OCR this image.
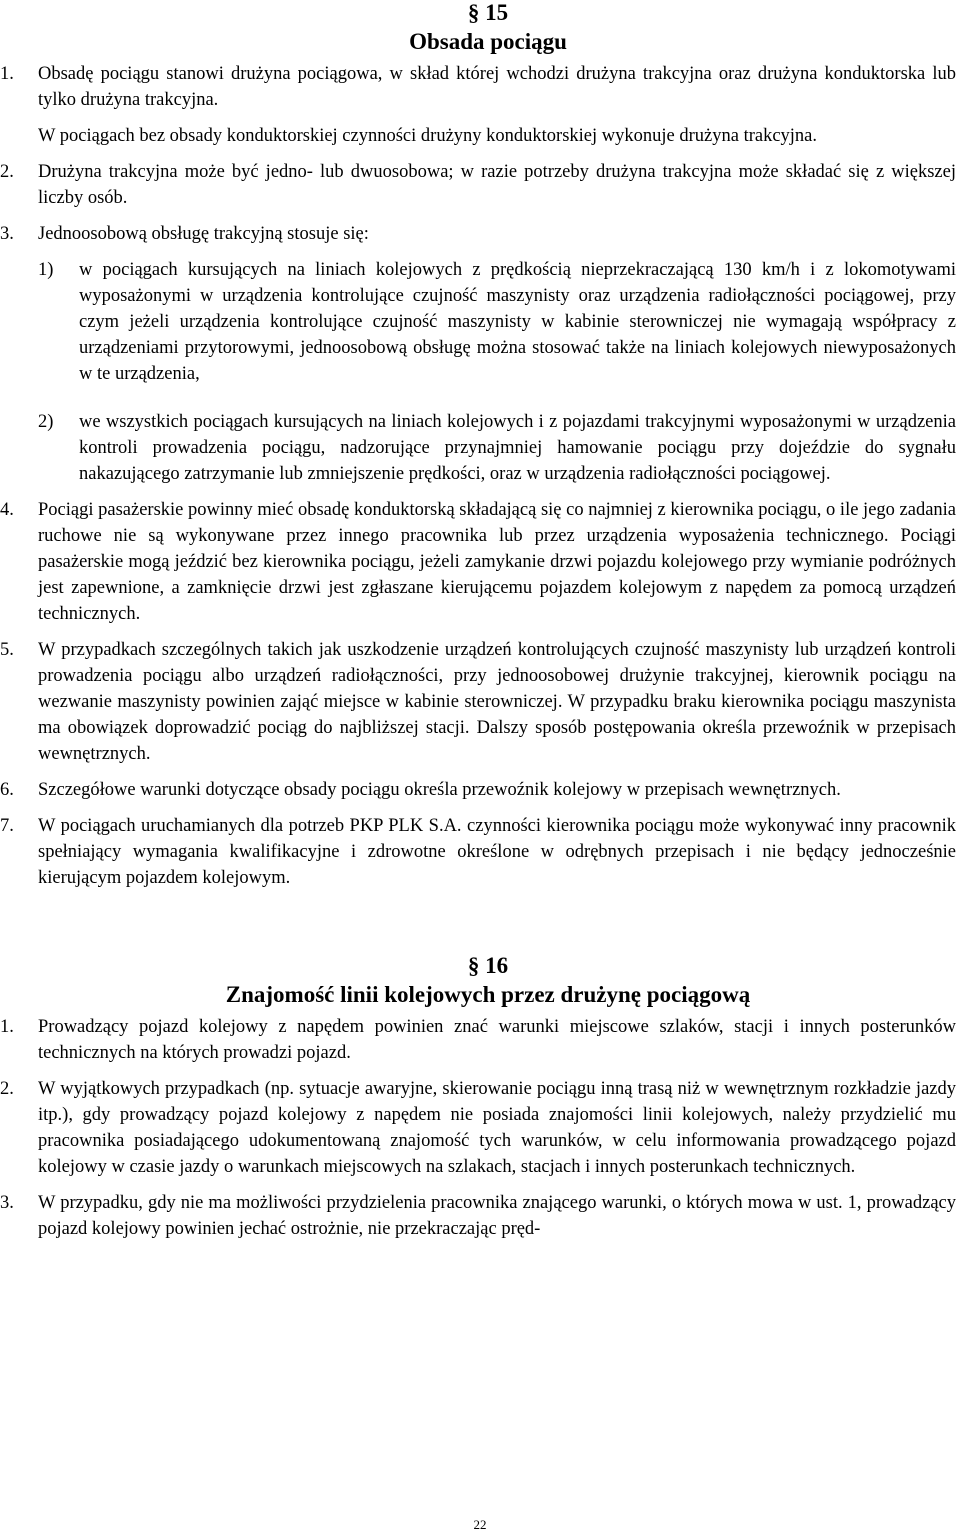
§ 15
Obsada pociągu
1. Obsadę pociągu stanowi drużyna pociągowa, w skład której wchodzi drużyna trakcyjna oraz drużyna konduktorska lub tylko drużyna trakcyjna.
W pociągach bez obsady konduktorskiej czynności drużyny konduktorskiej wykonuje drużyna trakcyjna.
2. Drużyna trakcyjna może być jedno- lub dwuosobowa; w razie potrzeby drużyna trakcyjna może składać się z większej liczby osób.
3. Jednoosobową obsługę trakcyjną stosuje się:
1) w pociągach kursujących na liniach kolejowych z prędkością nieprzekraczającą 130 km/h i z lokomotywami wyposażonymi w urządzenia kontrolujące czujność maszynisty oraz urządzenia radiołączności pociągowej, przy czym jeżeli urządzenia kontrolujące czujność maszynisty w kabinie sterowniczej nie wymagają współpracy z urządzeniami przytorowymi, jednoosobową obsługę można stosować także na liniach kolejowych niewyposażonych w te urządzenia,
2) we wszystkich pociągach kursujących na liniach kolejowych i z pojazdami trakcyjnymi wyposażonymi w urządzenia kontroli prowadzenia pociągu, nadzorujące przynajmniej hamowanie pociągu przy dojeździe do sygnału nakazującego zatrzymanie lub zmniejszenie prędkości, oraz w urządzenia radiołączności pociągowej.
4. Pociągi pasażerskie powinny mieć obsadę konduktorską składającą się co najmniej z kierownika pociągu, o ile jego zadania ruchowe nie są wykonywane przez innego pracownika lub przez urządzenia wyposażenia technicznego. Pociągi pasażerskie mogą jeździć bez kierownika pociągu, jeżeli zamykanie drzwi pojazdu kolejowego przy wymianie podróżnych jest zapewnione, a zamknięcie drzwi jest zgłaszane kierującemu pojazdem kolejowym z napędem za pomocą urządzeń technicznych.
5. W przypadkach szczególnych takich jak uszkodzenie urządzeń kontrolujących czujność maszynisty lub urządzeń kontroli prowadzenia pociągu albo urządzeń radiołączności, przy jednoosobowej drużynie trakcyjnej, kierownik pociągu na wezwanie maszynisty powinien zająć miejsce w kabinie sterowniczej. W przypadku braku kierownika pociągu maszynista ma obowiązek doprowadzić pociąg do najbliższej stacji. Dalszy sposób postępowania określa przewoźnik w przepisach wewnętrznych.
6. Szczegółowe warunki dotyczące obsady pociągu określa przewoźnik kolejowy w przepisach wewnętrznych.
7. W pociągach uruchamianych dla potrzeb PKP PLK S.A. czynności kierownika pociągu może wykonywać inny pracownik spełniający wymagania kwalifikacyjne i zdrowotne określone w odrębnych przepisach i nie będący jednocześnie kierującym pojazdem kolejowym.
§ 16
Znajomość linii kolejowych przez drużynę pociągową
1. Prowadzący pojazd kolejowy z napędem powinien znać warunki miejscowe szlaków, stacji i innych posterunków technicznych na których prowadzi pojazd.
2. W wyjątkowych przypadkach (np. sytuacje awaryjne, skierowanie pociągu inną trasą niż w wewnętrznym rozkładzie jazdy itp.), gdy prowadzący pojazd kolejowy z napędem nie posiada znajomości linii kolejowych, należy przydzielić mu pracownika posiadającego udokumentowaną znajomość tych warunków, w celu informowania prowadzącego pojazd kolejowy w czasie jazdy o warunkach miejscowych na szlakach, stacjach i innych posterunkach technicznych.
3. W przypadku, gdy nie ma możliwości przydzielenia pracownika znającego warunki, o których mowa w ust. 1, prowadzący pojazd kolejowy powinien jechać ostrożnie, nie przekraczając pręd-
22
